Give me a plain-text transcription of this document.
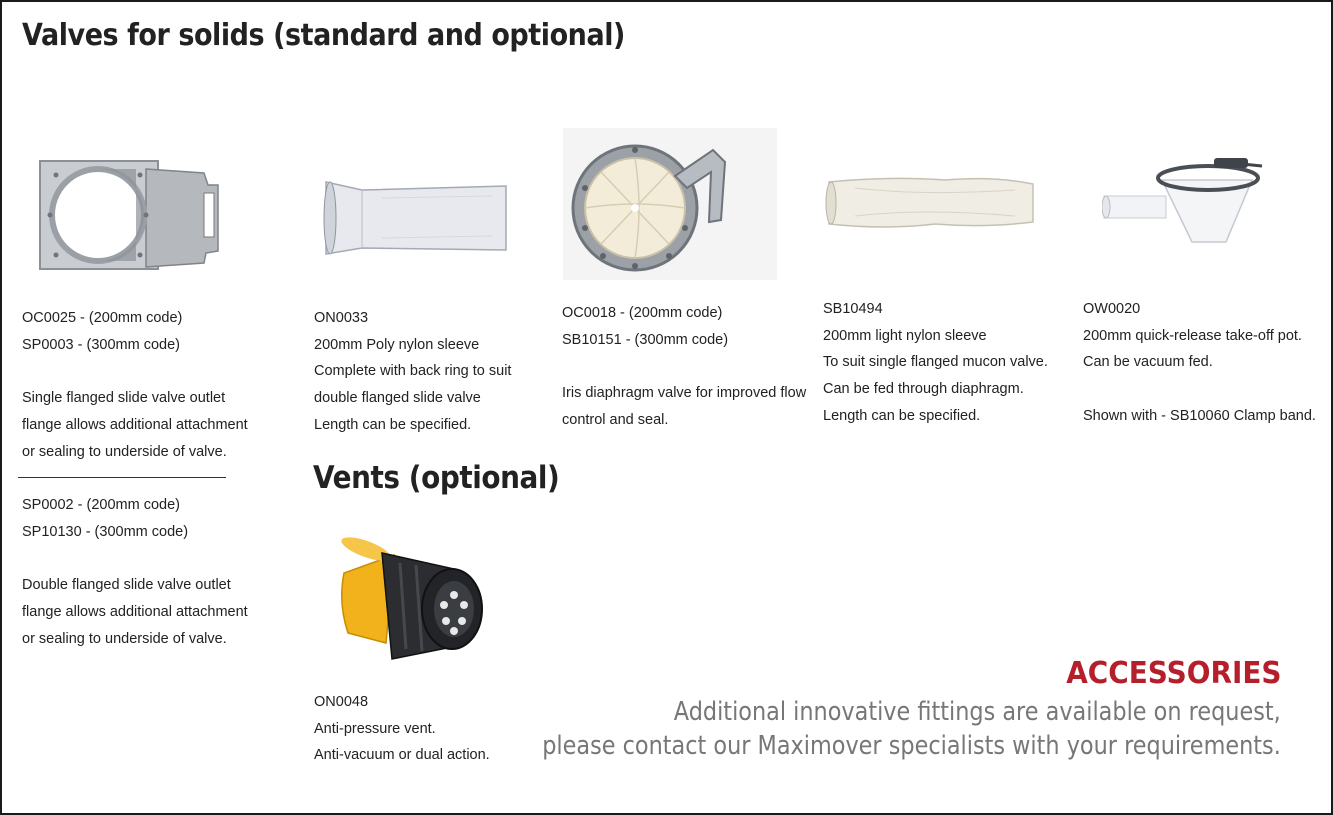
Valves for solids (standard and optional)
OC0025 - (200mm code)
SP0003 - (300mm code)
Single flanged slide valve outlet
flange allows additional attachment
or sealing to underside of valve.
SP0002 - (200mm code)
SP10130 - (300mm code)
Double flanged slide valve outlet
flange allows additional attachment
or sealing to underside of valve.
ON0033
200mm Poly nylon sleeve
Complete with back ring to suit
double flanged slide valve
Length can be specified.
OC0018 - (200mm code)
SB10151 - (300mm code)
Iris diaphragm valve for improved flow
control and seal.
SB10494
200mm light nylon sleeve
To suit single flanged mucon valve.
Can be fed through diaphragm.
Length can be specified.
OW0020
200mm quick-release take-off pot.
Can be vacuum fed.
Shown with - SB10060 Clamp band.
Vents (optional)
ON0048
Anti-pressure vent.
Anti-vacuum or dual action.
ACCESSORIES
Additional innovative fittings are available on request,
please contact our Maximover specialists with your requirements.
